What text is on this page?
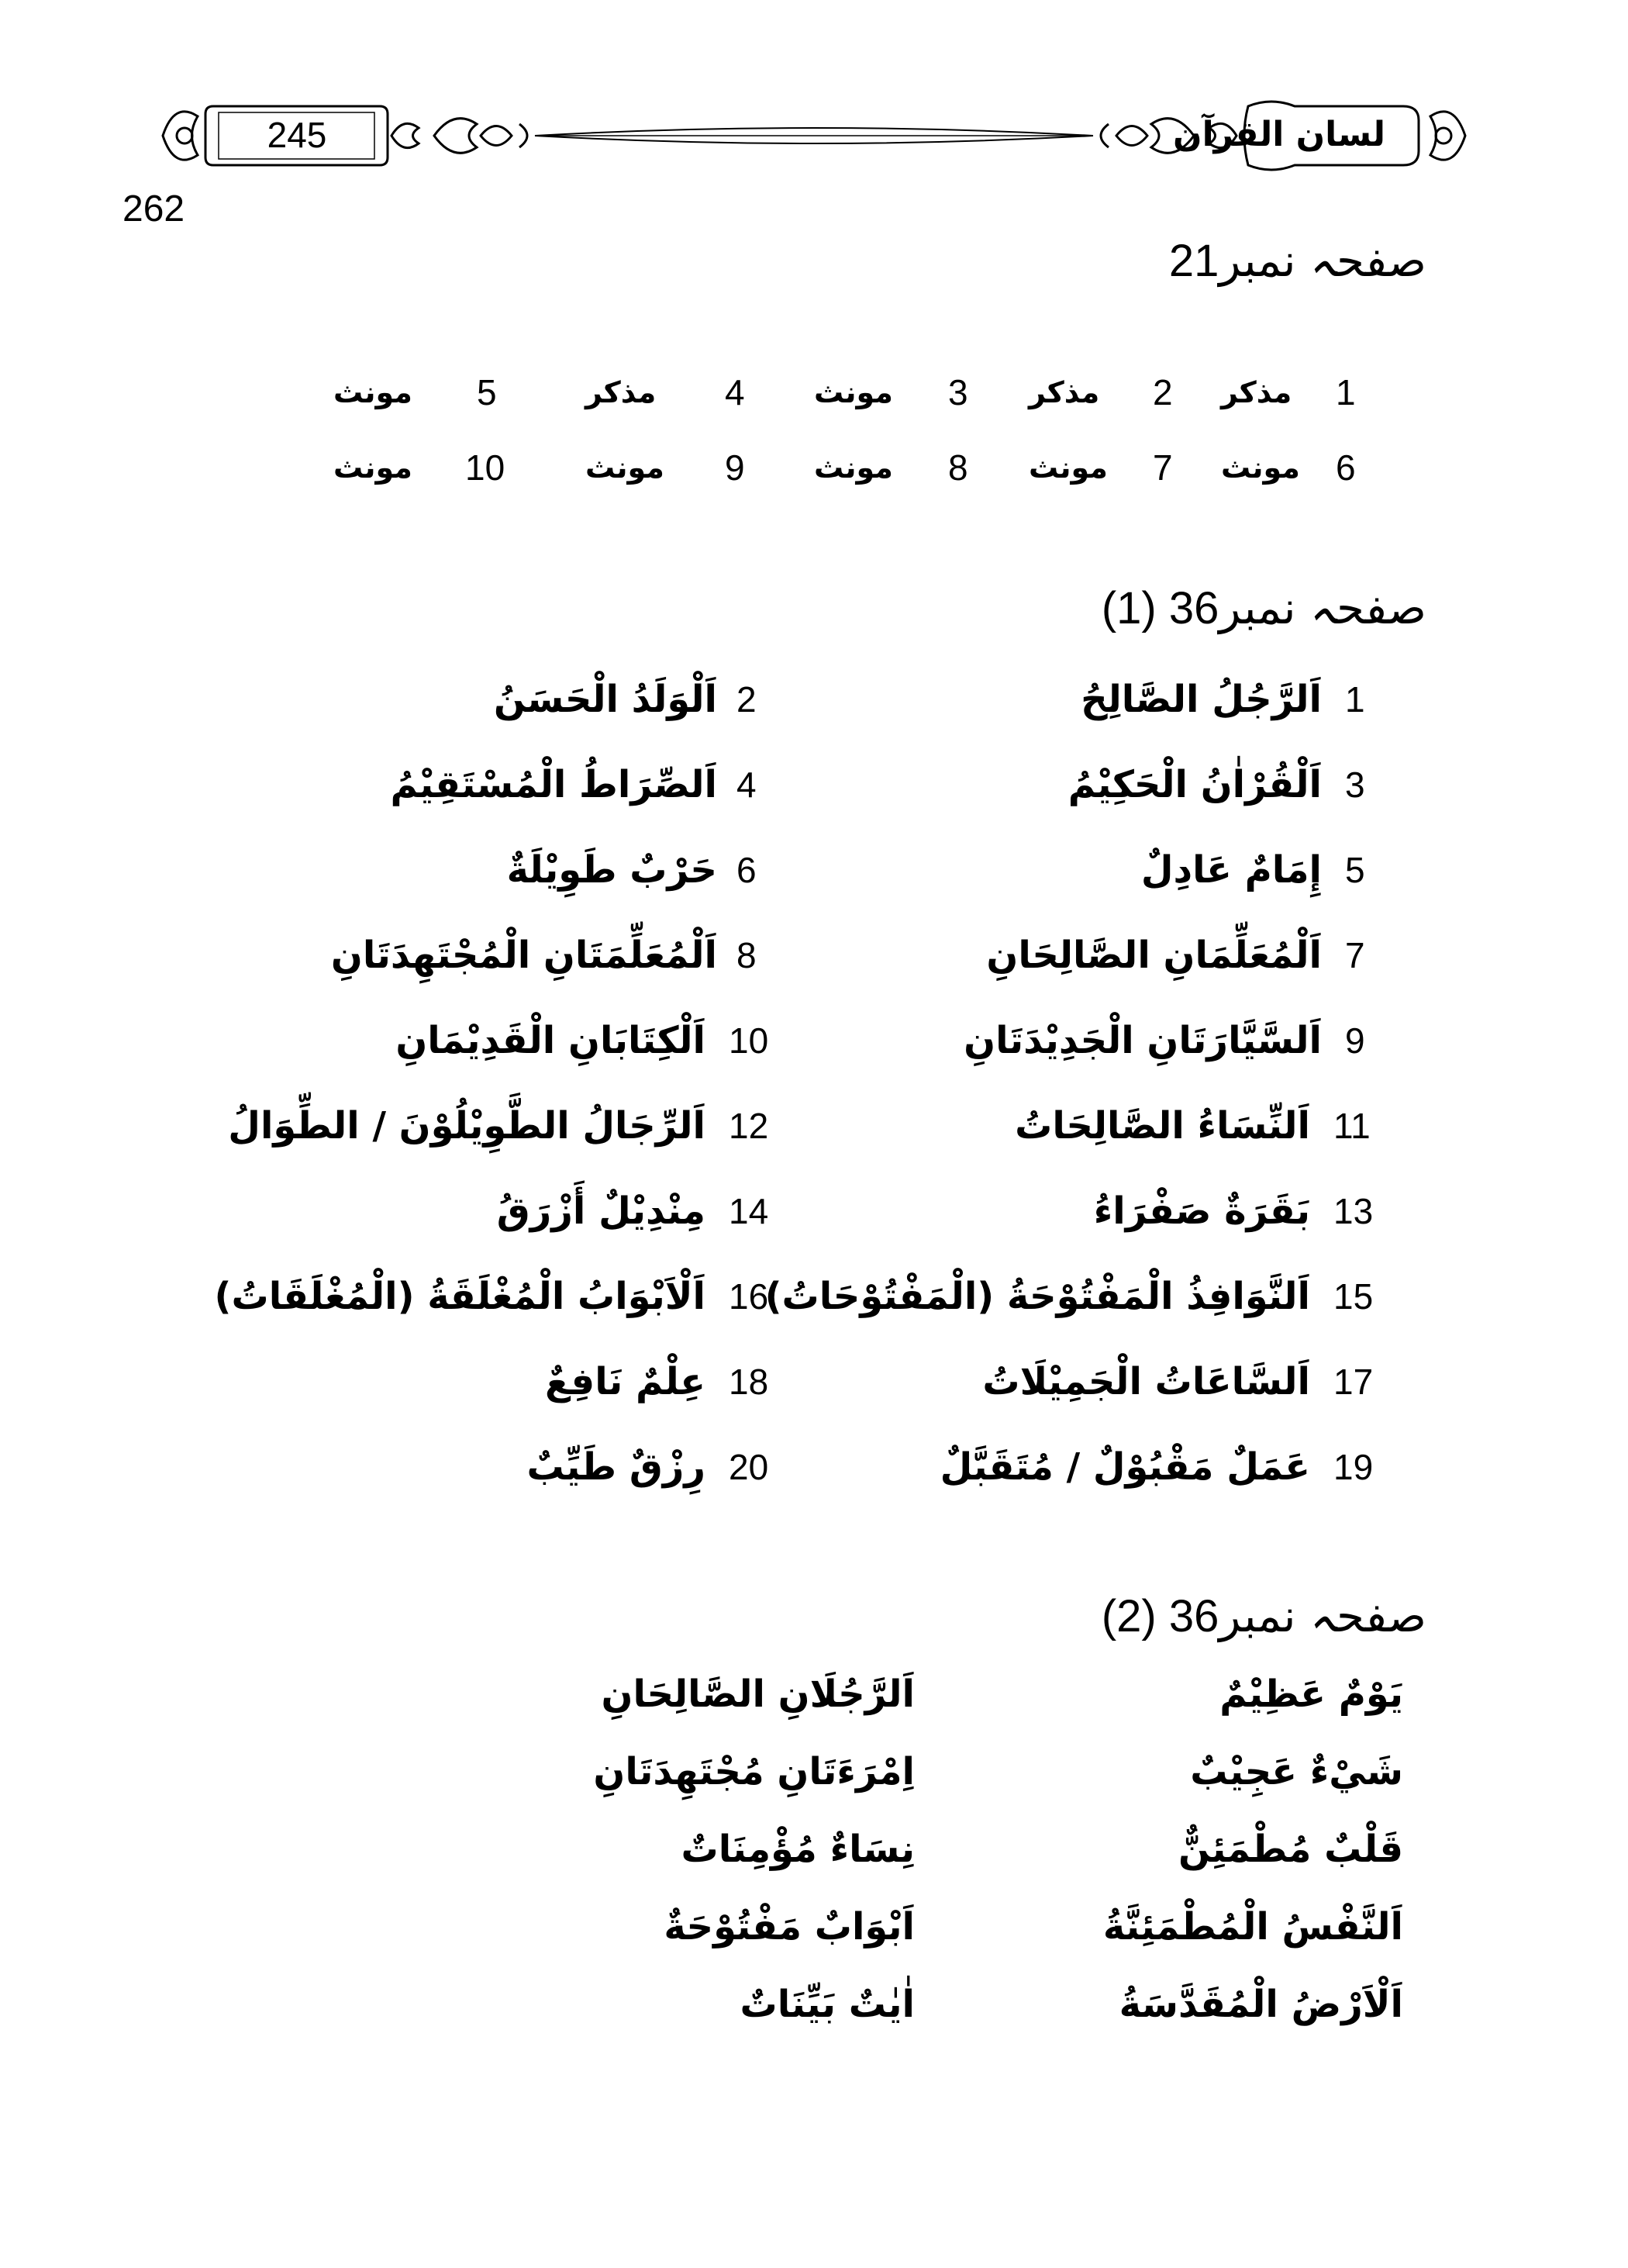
245	لسان القرآن
262
صفحہ نمبر21
1
مذکر
2
مذکر
3
مونث
4
مذکر
5
مونث
6
مونث
7
مونث
8
مونث
9
مونث
10
مونث
صفحہ نمبر36 (1)
1
اَلرَّجُلُ الصَّالِحُ
2
اَلْوَلَدُ الْحَسَنُ
3
اَلْقُرْاٰنُ الْحَكِيْمُ
4
اَلصِّرَاطُ الْمُسْتَقِيْمُ
5
إِمَامٌ عَادِلٌ
6
حَرْبٌ طَوِيْلَةٌ
7
اَلْمُعَلِّمَانِ الصَّالِحَانِ
8
اَلْمُعَلِّمَتَانِ الْمُجْتَهِدَتَانِ
9
اَلسَّيَّارَتَانِ الْجَدِيْدَتَانِ
10
اَلْكِتَابَانِ الْقَدِيْمَانِ
11
اَلنِّسَاءُ الصَّالِحَاتُ
12
اَلرِّجَالُ الطَّوِيْلُوْنَ / الطِّوَالُ
13
بَقَرَةٌ صَفْرَاءُ
14
مِنْدِيْلٌ أَزْرَقُ
15
اَلنَّوَافِذُ الْمَفْتُوْحَةُ (الْمَفْتُوْحَاتُ)
16
اَلْاَبْوَابُ الْمُغْلَقَةُ (الْمُغْلَقَاتُ)
17
اَلسَّاعَاتُ الْجَمِيْلَاتُ
18
عِلْمٌ نَافِعٌ
19
عَمَلٌ مَقْبُوْلٌ / مُتَقَبَّلٌ
20
رِزْقٌ طَيِّبٌ
صفحہ نمبر36 (2)
يَوْمٌ عَظِيْمٌ
شَيْءٌ عَجِيْبٌ
قَلْبٌ مُطْمَئِنٌّ
اَلنَّفْسُ الْمُطْمَئِنَّةُ
اَلْاَرْضُ الْمُقَدَّسَةُ
اَلرَّجُلَانِ الصَّالِحَانِ
اِمْرَءَتَانِ مُجْتَهِدَتَانِ
نِسَاءٌ مُؤْمِنَاتٌ
اَبْوَابٌ مَفْتُوْحَةٌ
اٰيٰتٌ بَيِّنَاتٌ
